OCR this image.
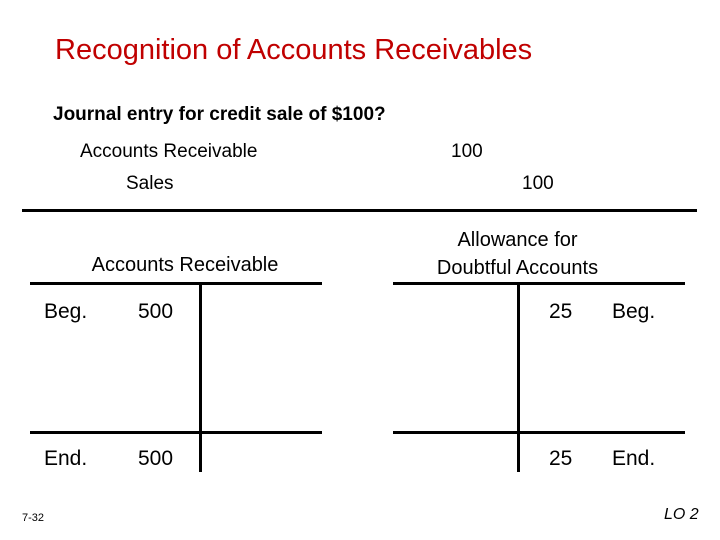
Recognition of Accounts Receivables
Journal entry for credit sale of $100?
Accounts Receivable	100
Sales	100
Accounts Receivable
Beg. 500
End. 500
Allowance for
Doubtful Accounts
25 Beg.
25 End.
7-32	LO 2
